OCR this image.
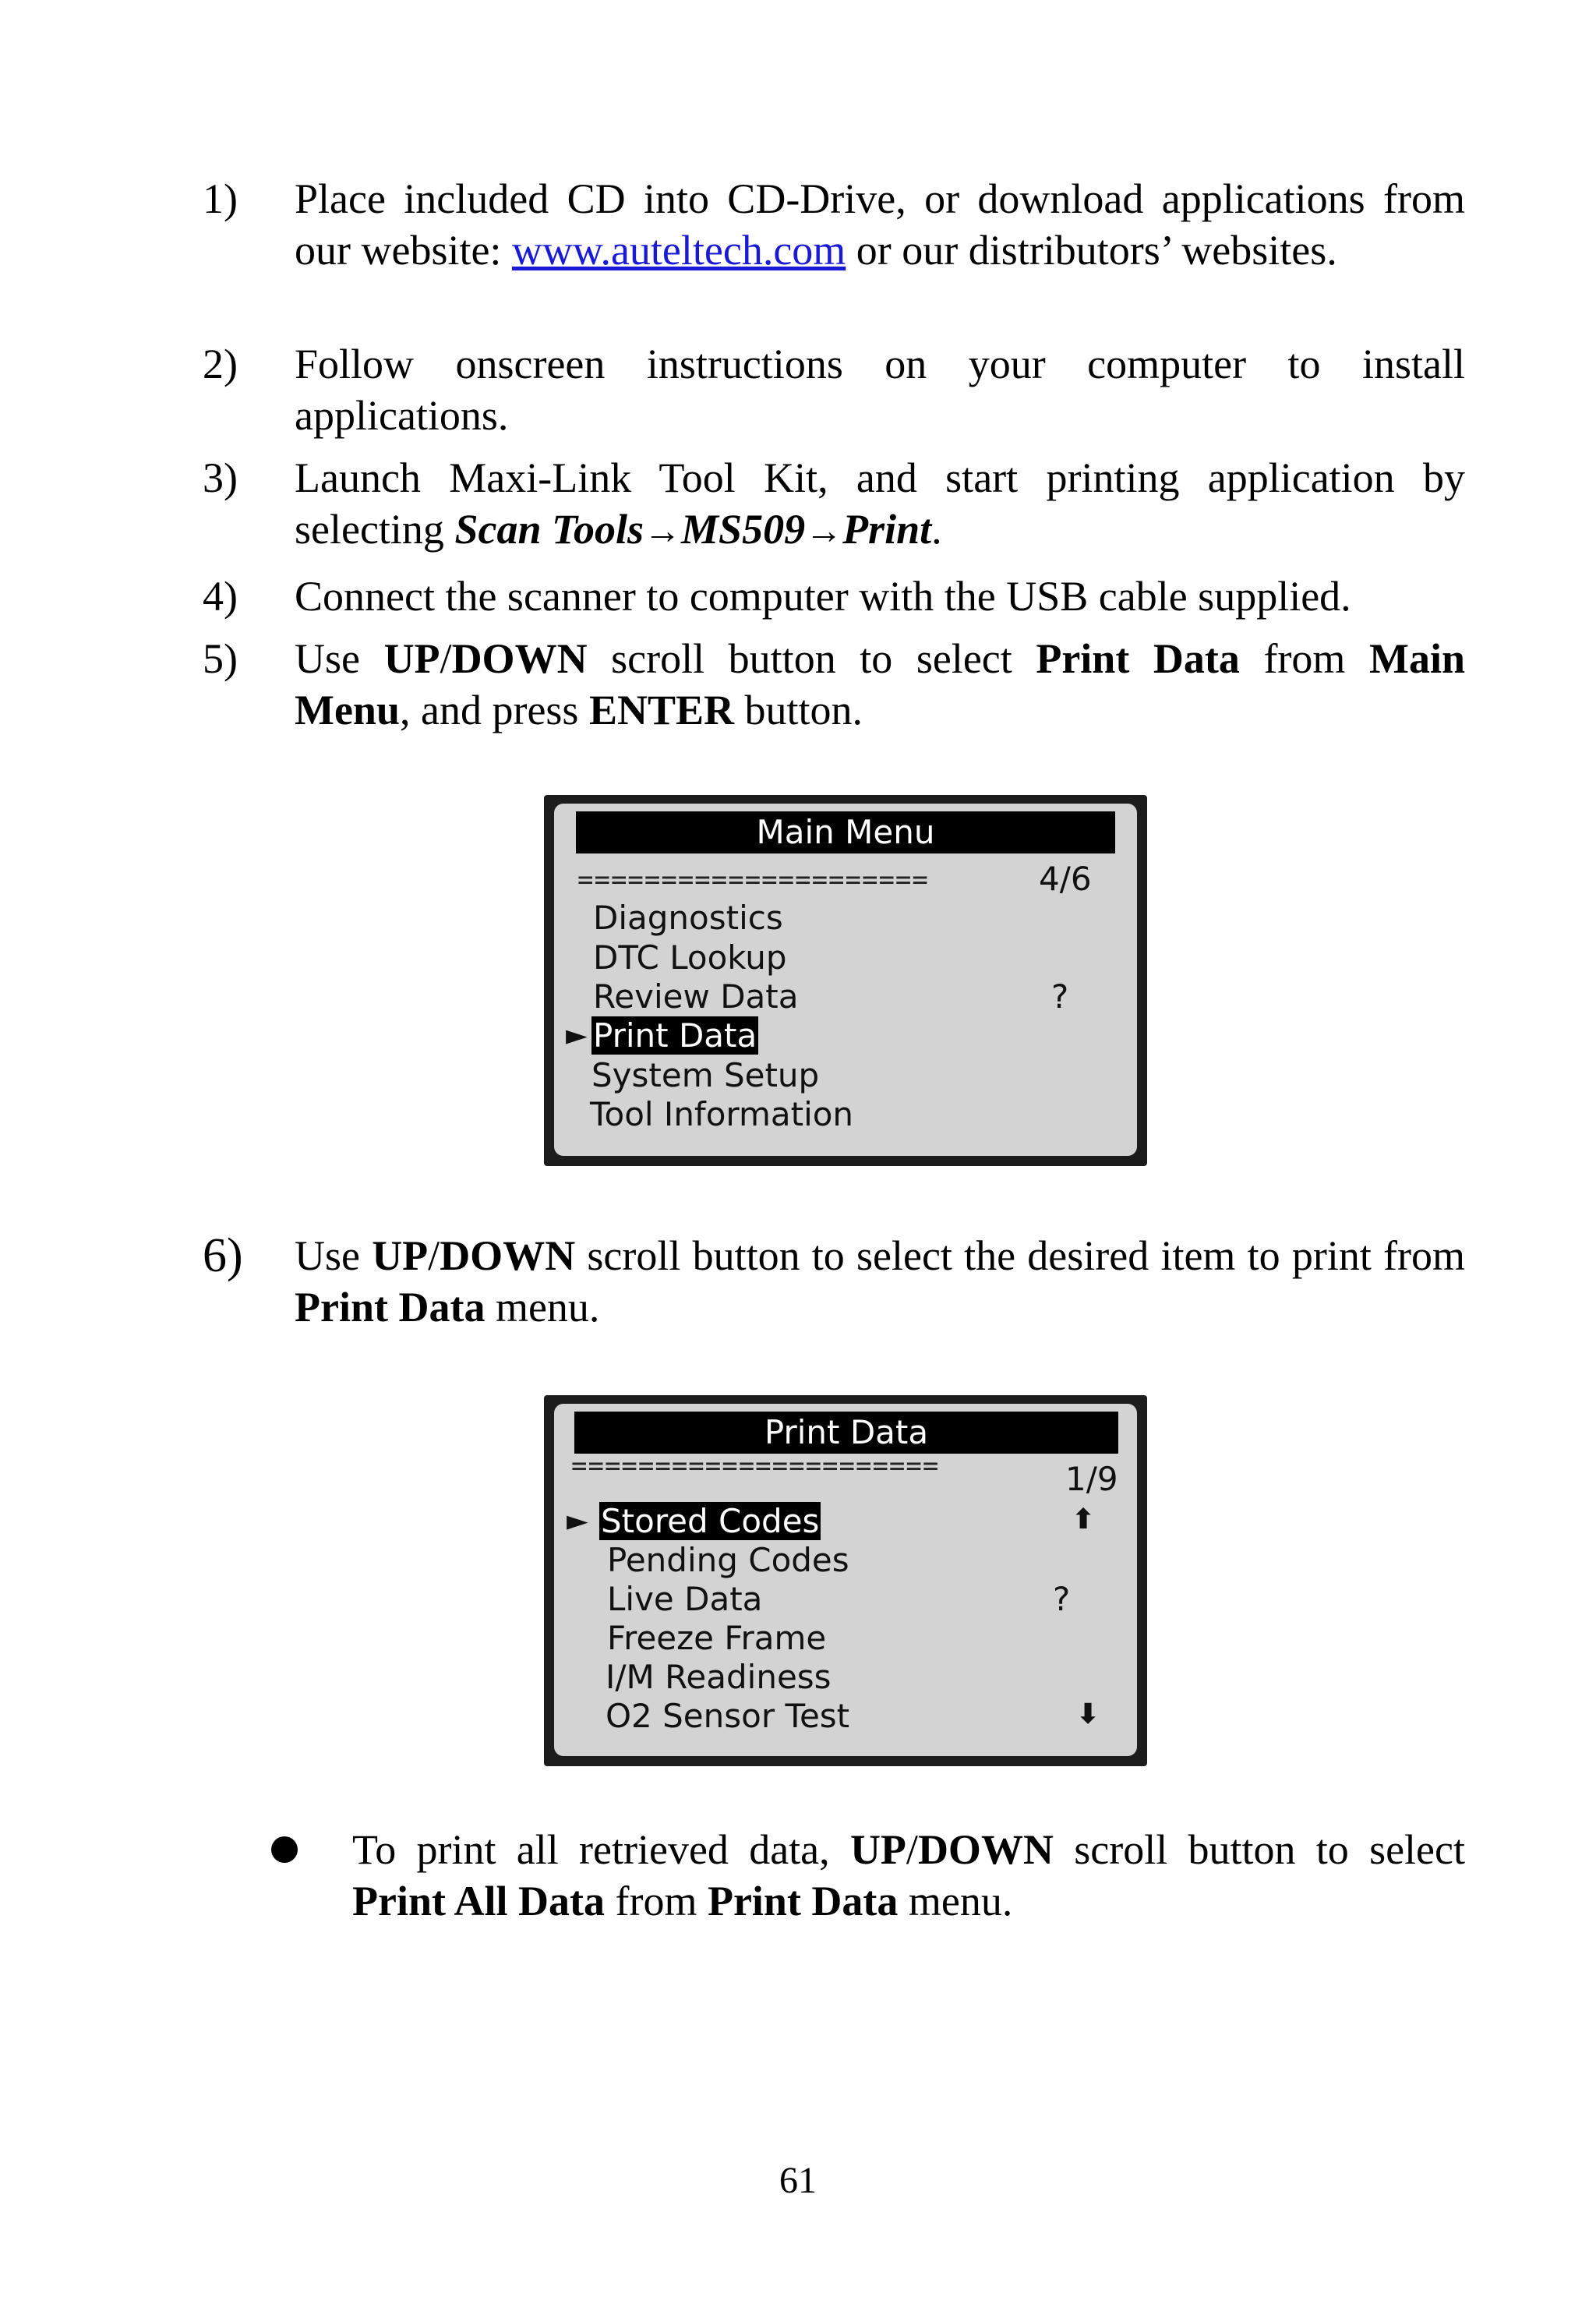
1) Place included CD into CD-Drive, or download applications from our website: www.auteltech.com or our distributors’ websites.
2) Follow onscreen instructions on your computer to install applications.
3) Launch Maxi-Link Tool Kit, and start printing application by selecting Scan Tools→MS509→Print.
4) Connect the scanner to computer with the USB cable supplied.
5) Use UP/DOWN scroll button to select Print Data from Main Menu, and press ENTER button.
Main Menu
=====================	4/6
Diagnostics
DTC Lookup
Review Data	?
► Print Data
System Setup
Tool Information
6) Use UP/DOWN scroll button to select the desired item to print from Print Data menu.
Print Data
======================	1/9
► Stored Codes	⬆
Pending Codes
Live Data	?
Freeze Frame
I/M Readiness
O2 Sensor Test	⬇
To print all retrieved data, UP/DOWN scroll button to select Print All Data from Print Data menu.
61
